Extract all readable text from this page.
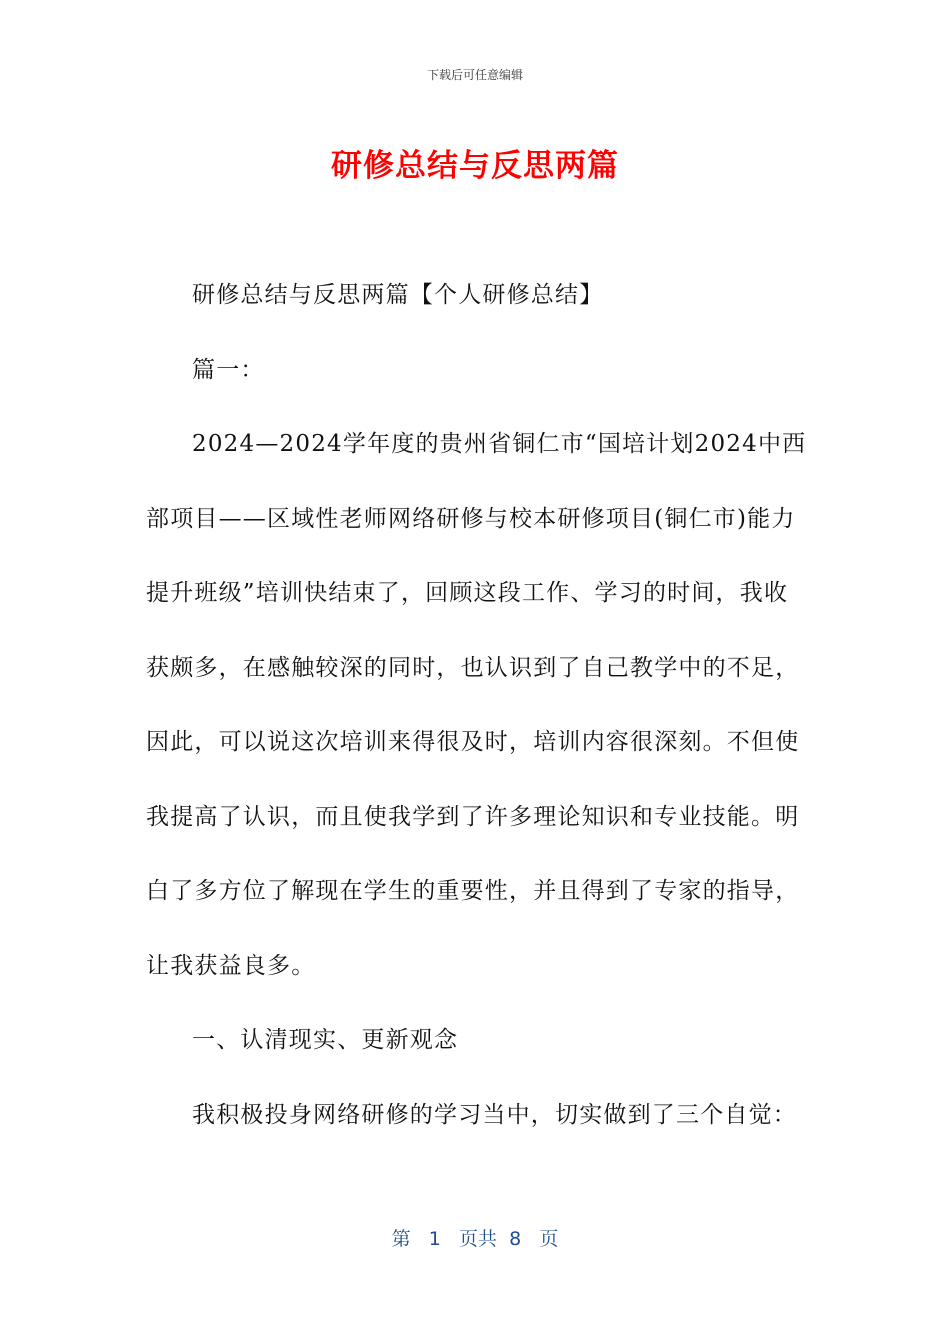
下载后可任意编辑
研修总结与反思两篇

研修总结与反思两篇【个人研修总结】

篇一：

2024—2024学年度的贵州省铜仁市“国培计划2024中西部项目——区域性老师网络研修与校本研修项目(铜仁市)能力提升班级”培训快结束了，回顾这段工作、学习的时间，我收获颇多，在感触较深的同时，也认识到了自己教学中的不足，因此，可以说这次培训来得很及时，培训内容很深刻。不但使我提高了认识，而且使我学到了许多理论知识和专业技能。明白了多方位了解现在学生的重要性，并且得到了专家的指导，让我获益良多。

一、认清现实、更新观念

我积极投身网络研修的学习当中，切实做到了三个自觉：

第 1 页共 8 页
